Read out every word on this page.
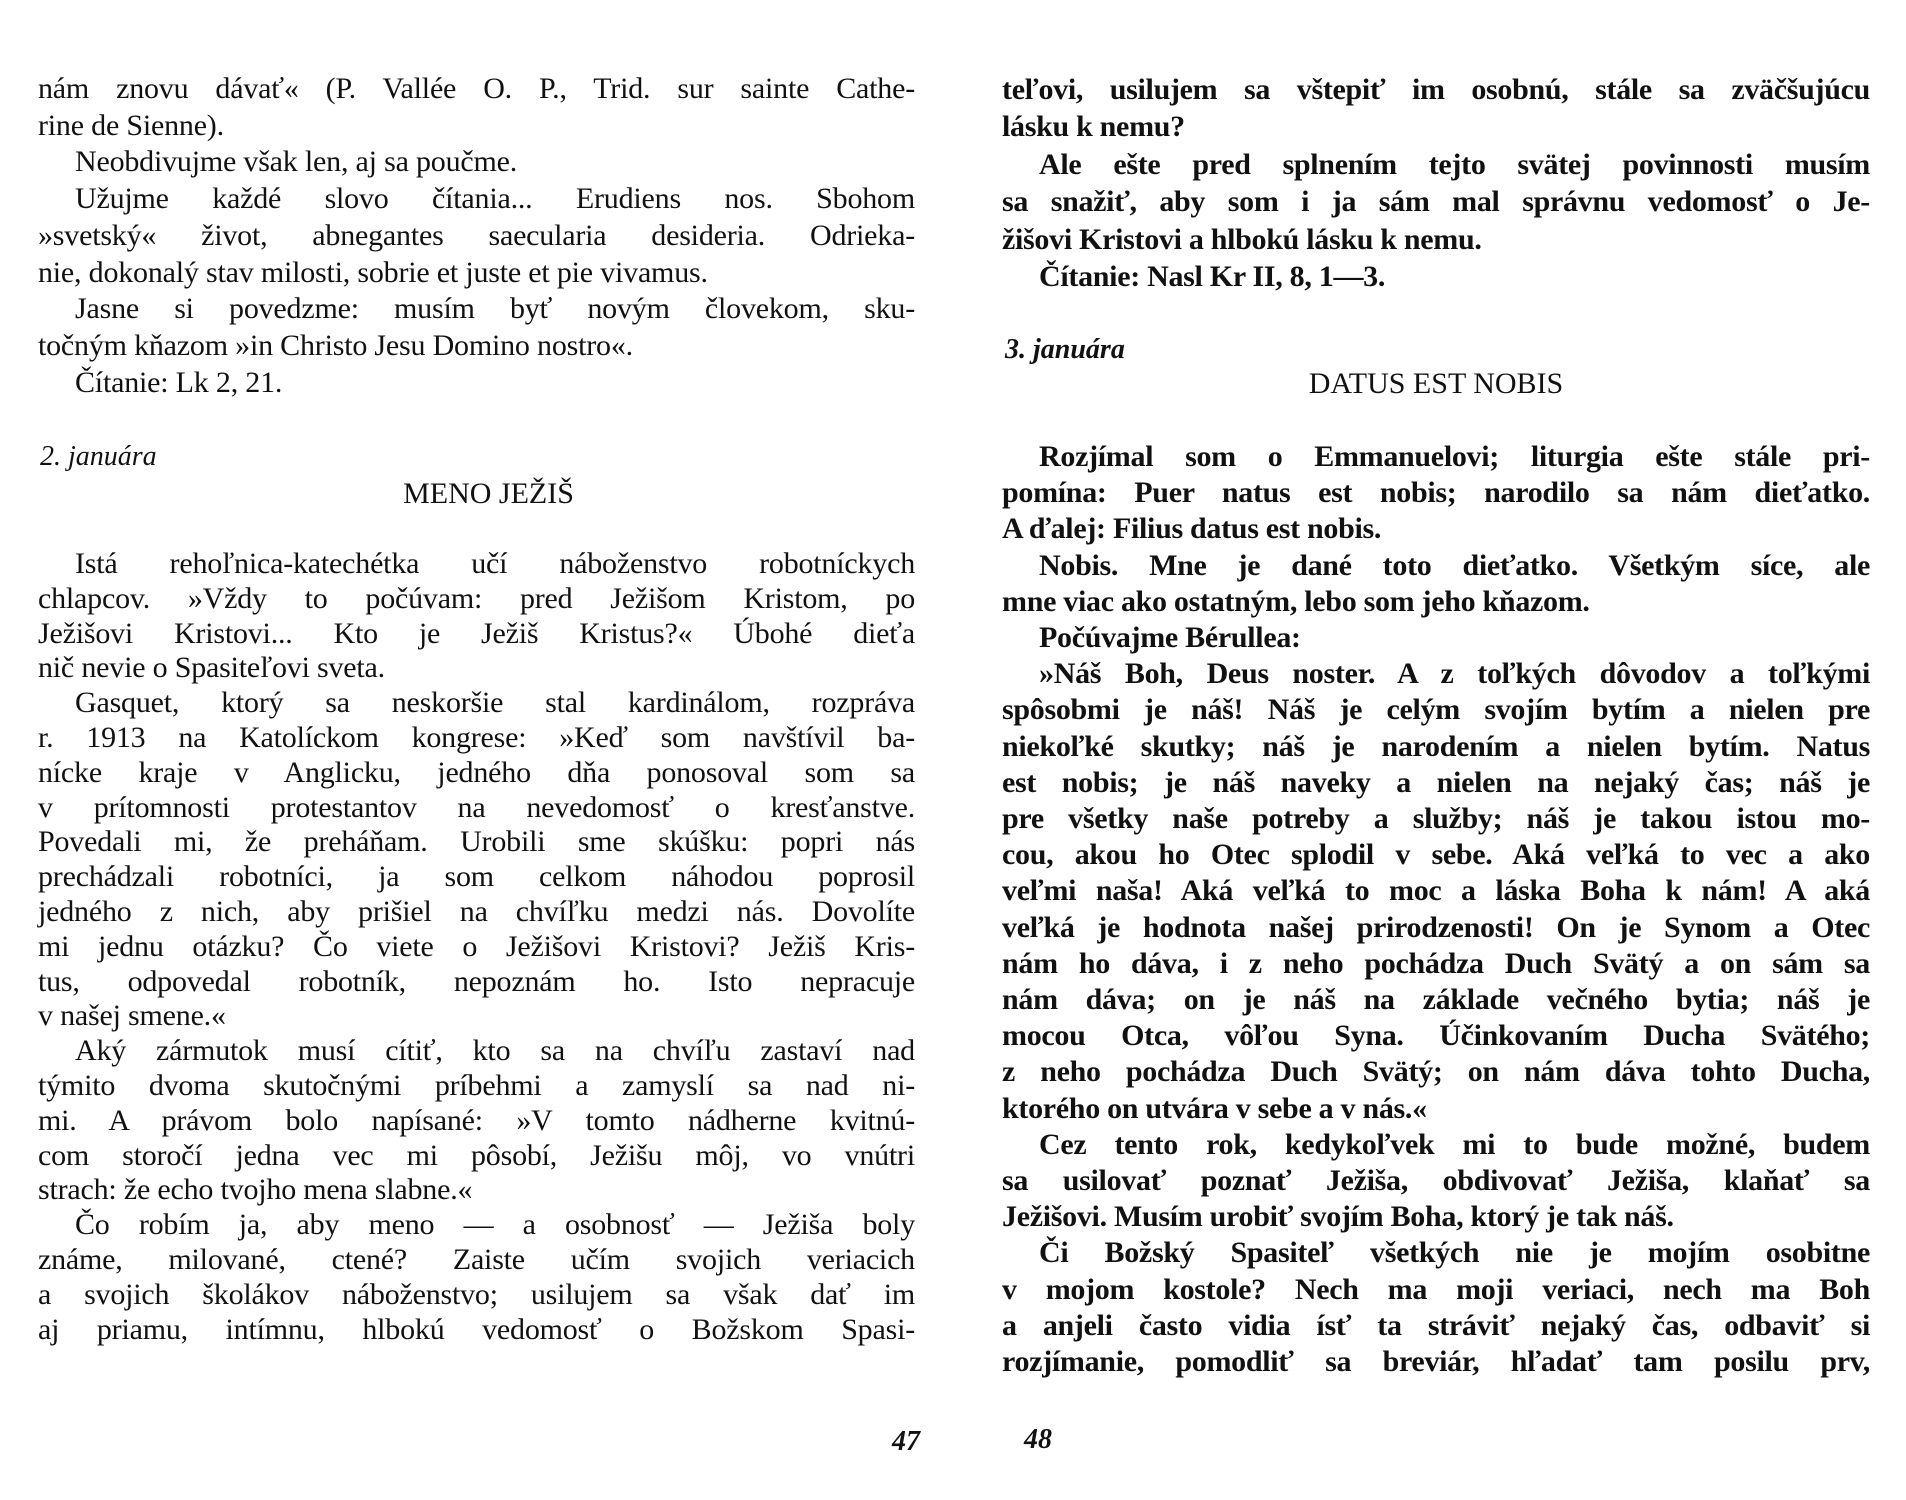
nám znovu dávať« (P. Vallée O. P., Trid. sur sainte Cathe-
rine de Sienne).
Neobdivujme však len, aj sa poučme.
Užujme každé slovo čítania... Erudiens nos. Sbohom
»svetský« život, abnegantes saecularia desideria. Odrieka-
nie, dokonalý stav milosti, sobrie et juste et pie vivamus.
Jasne si povedzme: musím byť novým človekom, sku-
točným kňazom »in Christo Jesu Domino nostro«.
Čítanie: Lk 2, 21.
2. januára
MENO JEŽIŠ
Istá rehoľnica-katechétka učí náboženstvo robotníckych
chlapcov. »Vždy to počúvam: pred Ježišom Kristom, po
Ježišovi Kristovi... Kto je Ježiš Kristus?« Úbohé dieťa
nič nevie o Spasiteľovi sveta.
Gasquet, ktorý sa neskoršie stal kardinálom, rozpráva
r. 1913 na Katolíckom kongrese: »Keď som navštívil ba-
nícke kraje v Anglicku, jedného dňa ponosoval som sa
v prítomnosti protestantov na nevedomosť o kresťanstve.
Povedali mi, že preháňam. Urobili sme skúšku: popri nás
prechádzali robotníci, ja som celkom náhodou poprosil
jedného z nich, aby prišiel na chvíľku medzi nás. Dovolíte
mi jednu otázku? Čo viete o Ježišovi Kristovi? Ježiš Kris-
tus, odpovedal robotník, nepoznám ho. Isto nepracuje
v našej smene.«
Aký zármutok musí cítiť, kto sa na chvíľu zastaví nad
týmito dvoma skutočnými príbehmi a zamyslí sa nad ni-
mi. A právom bolo napísané: »V tomto nádherne kvitnú-
com storočí jedna vec mi pôsobí, Ježišu môj, vo vnútri
strach: že echo tvojho mena slabne.«
Čo robím ja, aby meno — a osobnosť — Ježiša boly
známe, milované, ctené? Zaiste učím svojich veriacich
a svojich školákov náboženstvo; usilujem sa však dať im
aj priamu, intímnu, hlbokú vedomosť o Božskom Spasi-
47
teľovi, usilujem sa vštepiť im osobnú, stále sa zväčšujúcu
lásku k nemu?
Ale ešte pred splnením tejto svätej povinnosti musím
sa snažiť, aby som i ja sám mal správnu vedomosť o Je-
žišovi Kristovi a hlbokú lásku k nemu.
Čítanie: Nasl Kr II, 8, 1—3.
3. januára
DATUS EST NOBIS
Rozjímal som o Emmanuelovi; liturgia ešte stále pri-
pomína: Puer natus est nobis; narodilo sa nám dieťatko.
A ďalej: Filius datus est nobis.
Nobis. Mne je dané toto dieťatko. Všetkým síce, ale
mne viac ako ostatným, lebo som jeho kňazom.
Počúvajme Bérullea:
»Náš Boh, Deus noster. A z toľkých dôvodov a toľkými
spôsobmi je náš! Náš je celým svojím bytím a nielen pre
niekoľké skutky; náš je narodením a nielen bytím. Natus
est nobis; je náš naveky a nielen na nejaký čas; náš je
pre všetky naše potreby a služby; náš je takou istou mo-
cou, akou ho Otec splodil v sebe. Aká veľká to vec a ako
veľmi naša! Aká veľká to moc a láska Boha k nám! A aká
veľká je hodnota našej prirodzenosti! On je Synom a Otec
nám ho dáva, i z neho pochádza Duch Svätý a on sám sa
nám dáva; on je náš na základe večného bytia; náš je
mocou Otca, vôľou Syna. Účinkovaním Ducha Svätého;
z neho pochádza Duch Svätý; on nám dáva tohto Ducha,
ktorého on utvára v sebe a v nás.«
Cez tento rok, kedykoľvek mi to bude možné, budem
sa usilovať poznať Ježiša, obdivovať Ježiša, klaňať sa
Ježišovi. Musím urobiť svojím Boha, ktorý je tak náš.
Či Božský Spasiteľ všetkých nie je mojím osobitne
v mojom kostole? Nech ma moji veriaci, nech ma Boh
a anjeli často vidia ísť ta stráviť nejaký čas, odbaviť si
rozjímanie, pomodliť sa breviár, hľadať tam posilu prv,
48
